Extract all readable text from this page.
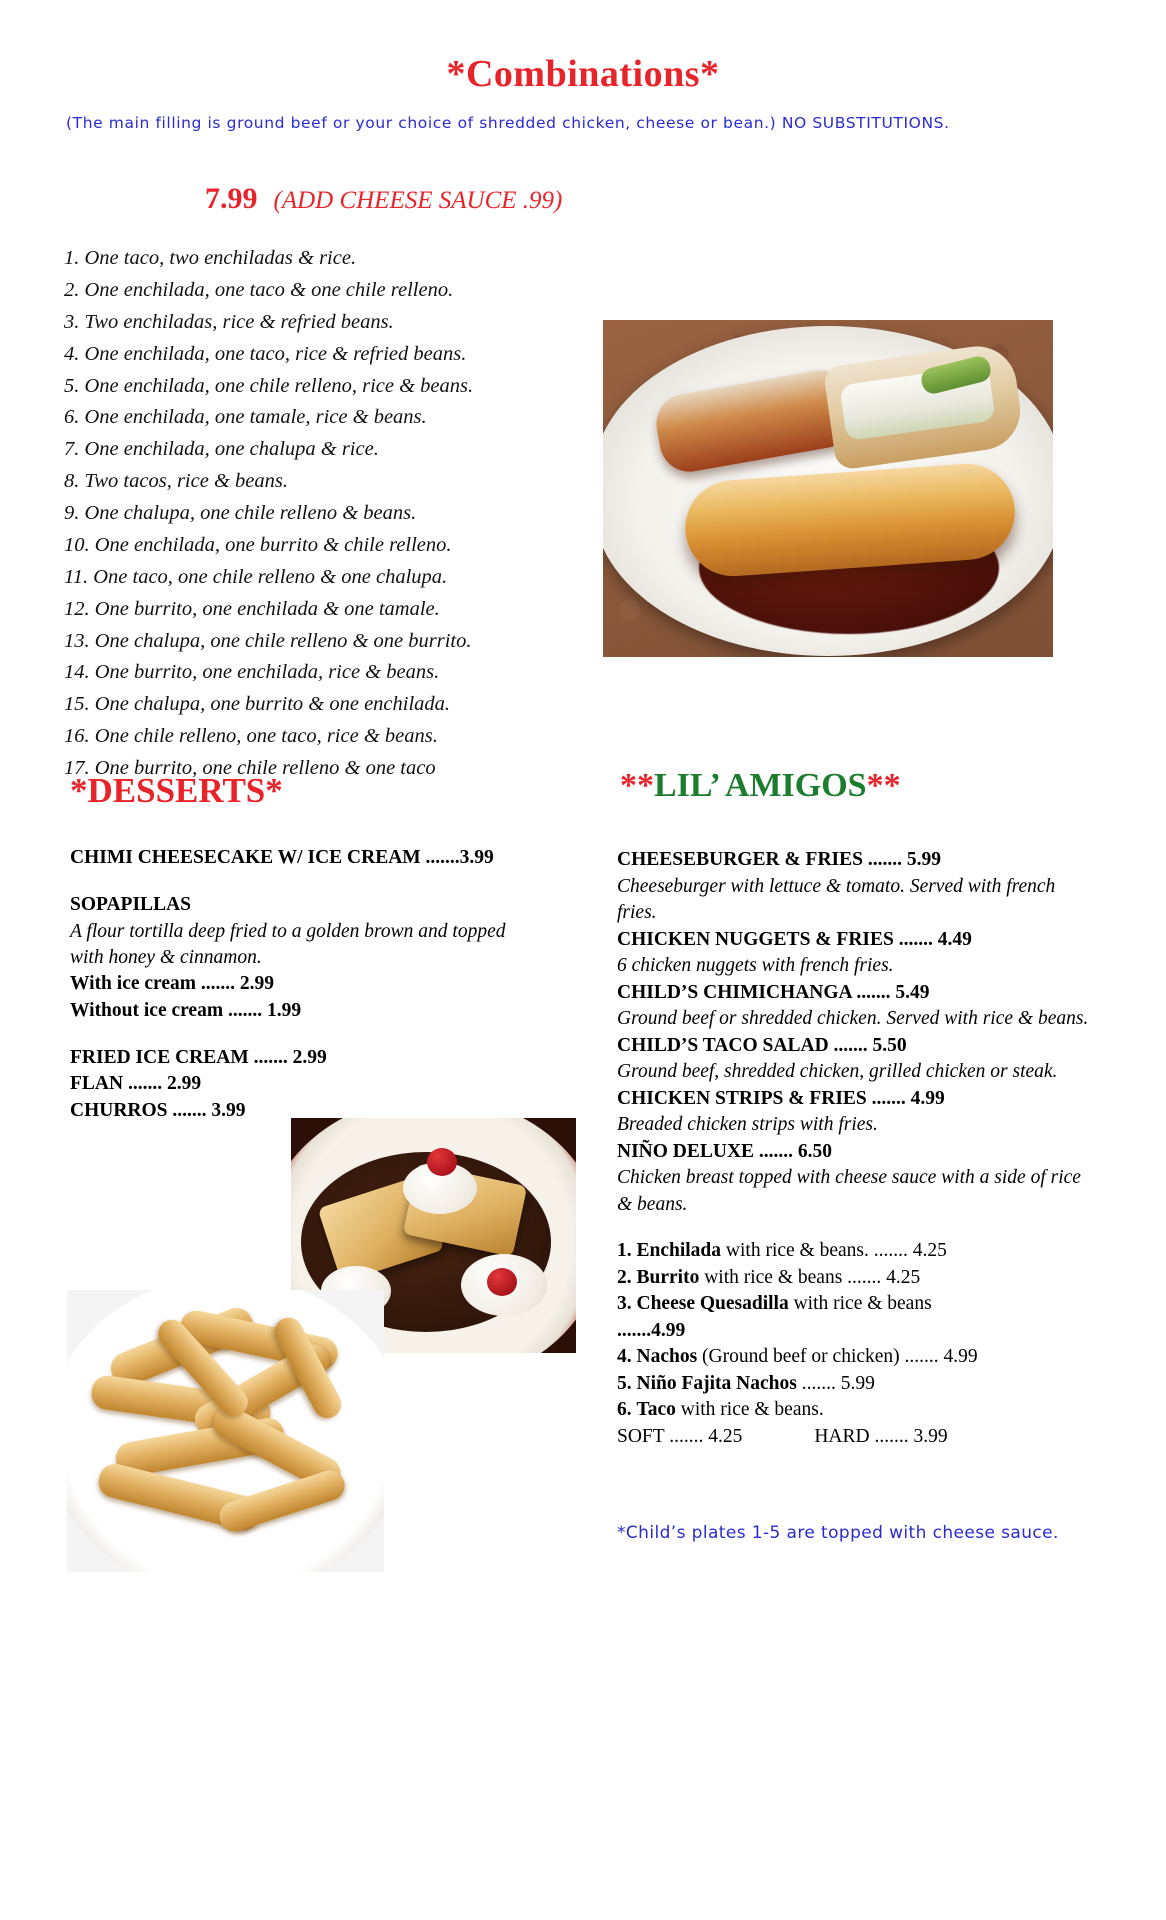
*Combinations*
(The main filling is ground beef or your choice of shredded chicken, cheese or bean.) NO SUBSTITUTIONS.
7.99 (ADD CHEESE SAUCE .99)
1. One taco, two enchiladas & rice.
2. One enchilada, one taco & one chile relleno.
3. Two enchiladas, rice & refried beans.
4. One enchilada, one taco, rice & refried beans.
5. One enchilada, one chile relleno, rice & beans.
6. One enchilada, one tamale, rice & beans.
7. One enchilada, one chalupa & rice.
8. Two tacos, rice & beans.
9. One chalupa, one chile relleno & beans.
10. One enchilada, one burrito & chile relleno.
11. One taco, one chile relleno & one chalupa.
12. One burrito, one enchilada & one tamale.
13. One chalupa, one chile relleno & one burrito.
14. One burrito, one enchilada, rice & beans.
15. One chalupa, one burrito & one enchilada.
16. One chile relleno, one taco, rice & beans.
17. One burrito, one chile relleno & one taco
*DESSERTS*
CHIMI CHEESECAKE W/ ICE CREAM .......3.99
SOPAPILLAS
A flour tortilla deep fried to a golden brown and topped with honey & cinnamon.
With ice cream ....... 2.99
Without ice cream ....... 1.99
FRIED ICE CREAM ....... 2.99
FLAN ....... 2.99
CHURROS ....... 3.99
**LIL’ AMIGOS**
CHEESEBURGER & FRIES ....... 5.99
Cheeseburger with lettuce & tomato. Served with french fries.
CHICKEN NUGGETS & FRIES ....... 4.49
6 chicken nuggets with french fries.
CHILD’S CHIMICHANGA ....... 5.49
Ground beef or shredded chicken. Served with rice & beans.
CHILD’S TACO SALAD ....... 5.50
Ground beef, shredded chicken, grilled chicken or steak.
CHICKEN STRIPS & FRIES ....... 4.99
Breaded chicken strips with fries.
NIÑO DELUXE ....... 6.50
Chicken breast topped with cheese sauce with a side of rice & beans.
1. Enchilada with rice & beans. ....... 4.25
2. Burrito with rice & beans ....... 4.25
3. Cheese Quesadilla with rice & beans
.......4.99
4. Nachos (Ground beef or chicken) ....... 4.99
5. Niño Fajita Nachos ....... 5.99
6. Taco with rice & beans.
SOFT ....... 4.25	HARD ....... 3.99
*Child’s plates 1-5 are topped with cheese sauce.
